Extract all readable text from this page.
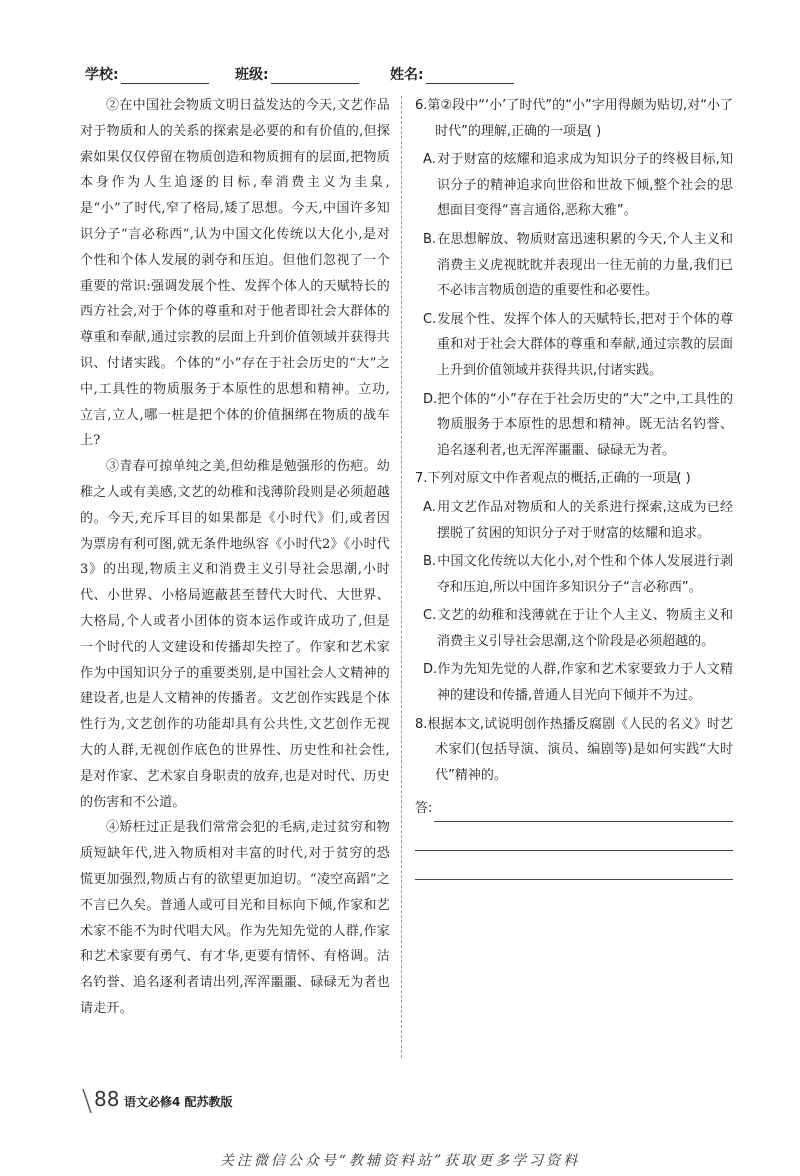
学校:	班级:	姓名:

②在中国社会物质文明日益发达的今天,文艺作品对于物质和人的关系的探索是必要的和有价值的,但探索如果仅仅停留在物质创造和物质拥有的层面,把物质本身作为人生追逐的目标,奉消费主义为圭臬,是“小”了时代,窄了格局,矮了思想。今天,中国许多知识分子“言必称西”,认为中国文化传统以大化小,是对个性和个体人发展的剥夺和压迫。但他们忽视了一个重要的常识:强调发展个性、发挥个体人的天赋特长的西方社会,对于个体的尊重和对于他者即社会大群体的尊重和奉献,通过宗教的层面上升到价值领域并获得共识、付诸实践。个体的“小”存在于社会历史的“大”之中,工具性的物质服务于本原性的思想和精神。立功,立言,立人,哪一桩是把个体的价值捆绑在物质的战车上?

③青春可掠单纯之美,但幼稚是勉强形的伤疤。幼稚之人或有美感,文艺的幼稚和浅薄阶段则是必须超越的。今天,充斥耳目的如果都是《小时代》们,或者因为票房有利可图,就无条件地纵容《小时代2》《小时代3》的出现,物质主义和消费主义引导社会思潮,小时代、小世界、小格局遮蔽甚至替代大时代、大世界、大格局,个人或者小团体的资本运作或许成功了,但是一个时代的人文建设和传播却失控了。作家和艺术家作为中国知识分子的重要类别,是中国社会人文精神的建设者,也是人文精神的传播者。文艺创作实践是个体性行为,文艺创作的功能却具有公共性,文艺创作无视大的人群,无视创作底色的世界性、历史性和社会性,是对作家、艺术家自身职责的放弃,也是对时代、历史的伤害和不公道。

④矫枉过正是我们常常会犯的毛病,走过贫穷和物质短缺年代,进入物质相对丰富的时代,对于贫穷的恐慌更加强烈,物质占有的欲望更加迫切。“凌空高蹈”之不言已久矣。普通人或可目光和目标向下倾,作家和艺术家不能不为时代唱大风。作为先知先觉的人群,作家和艺术家要有勇气、有才华,更要有情怀、有格调。沽名钓誉、追名逐利者请出列,浑浑噩噩、碌碌无为者也请走开。

6.第②段中“‘小’了时代”的“小”字用得颇为贴切,对“小了时代”的理解,正确的一项是( )
A.对于财富的炫耀和追求成为知识分子的终极目标,知识分子的精神追求向世俗和世故下倾,整个社会的思想面目变得“喜言通俗,恶称大雅”。
B.在思想解放、物质财富迅速积累的今天,个人主义和消费主义虎视眈眈并表现出一往无前的力量,我们已不必讳言物质创造的重要性和必要性。
C.发展个性、发挥个体人的天赋特长,把对于个体的尊重和对于社会大群体的尊重和奉献,通过宗教的层面上升到价值领域并获得共识,付诸实践。
D.把个体的“小”存在于社会历史的“大”之中,工具性的物质服务于本原性的思想和精神。既无沽名钓誉、追名逐利者,也无浑浑噩噩、碌碌无为者。
7.下列对原文中作者观点的概括,正确的一项是( )
A.用文艺作品对物质和人的关系进行探索,这成为已经摆脱了贫困的知识分子对于财富的炫耀和追求。
B.中国文化传统以大化小,对个性和个体人发展进行剥夺和压迫,所以中国许多知识分子“言必称西”。
C.文艺的幼稚和浅薄就在于让个人主义、物质主义和消费主义引导社会思潮,这个阶段是必须超越的。
D.作为先知先觉的人群,作家和艺术家要致力于人文精神的建设和传播,普通人目光向下倾并不为过。
8.根据本文,试说明创作热播反腐剧《人民的名义》时艺术家们(包括导演、演员、编剧等)是如何实践“大时代”精神的。
答:
88 语文必修4 配苏教版
关注微信公众号“教辅资料站”获取更多学习资料
